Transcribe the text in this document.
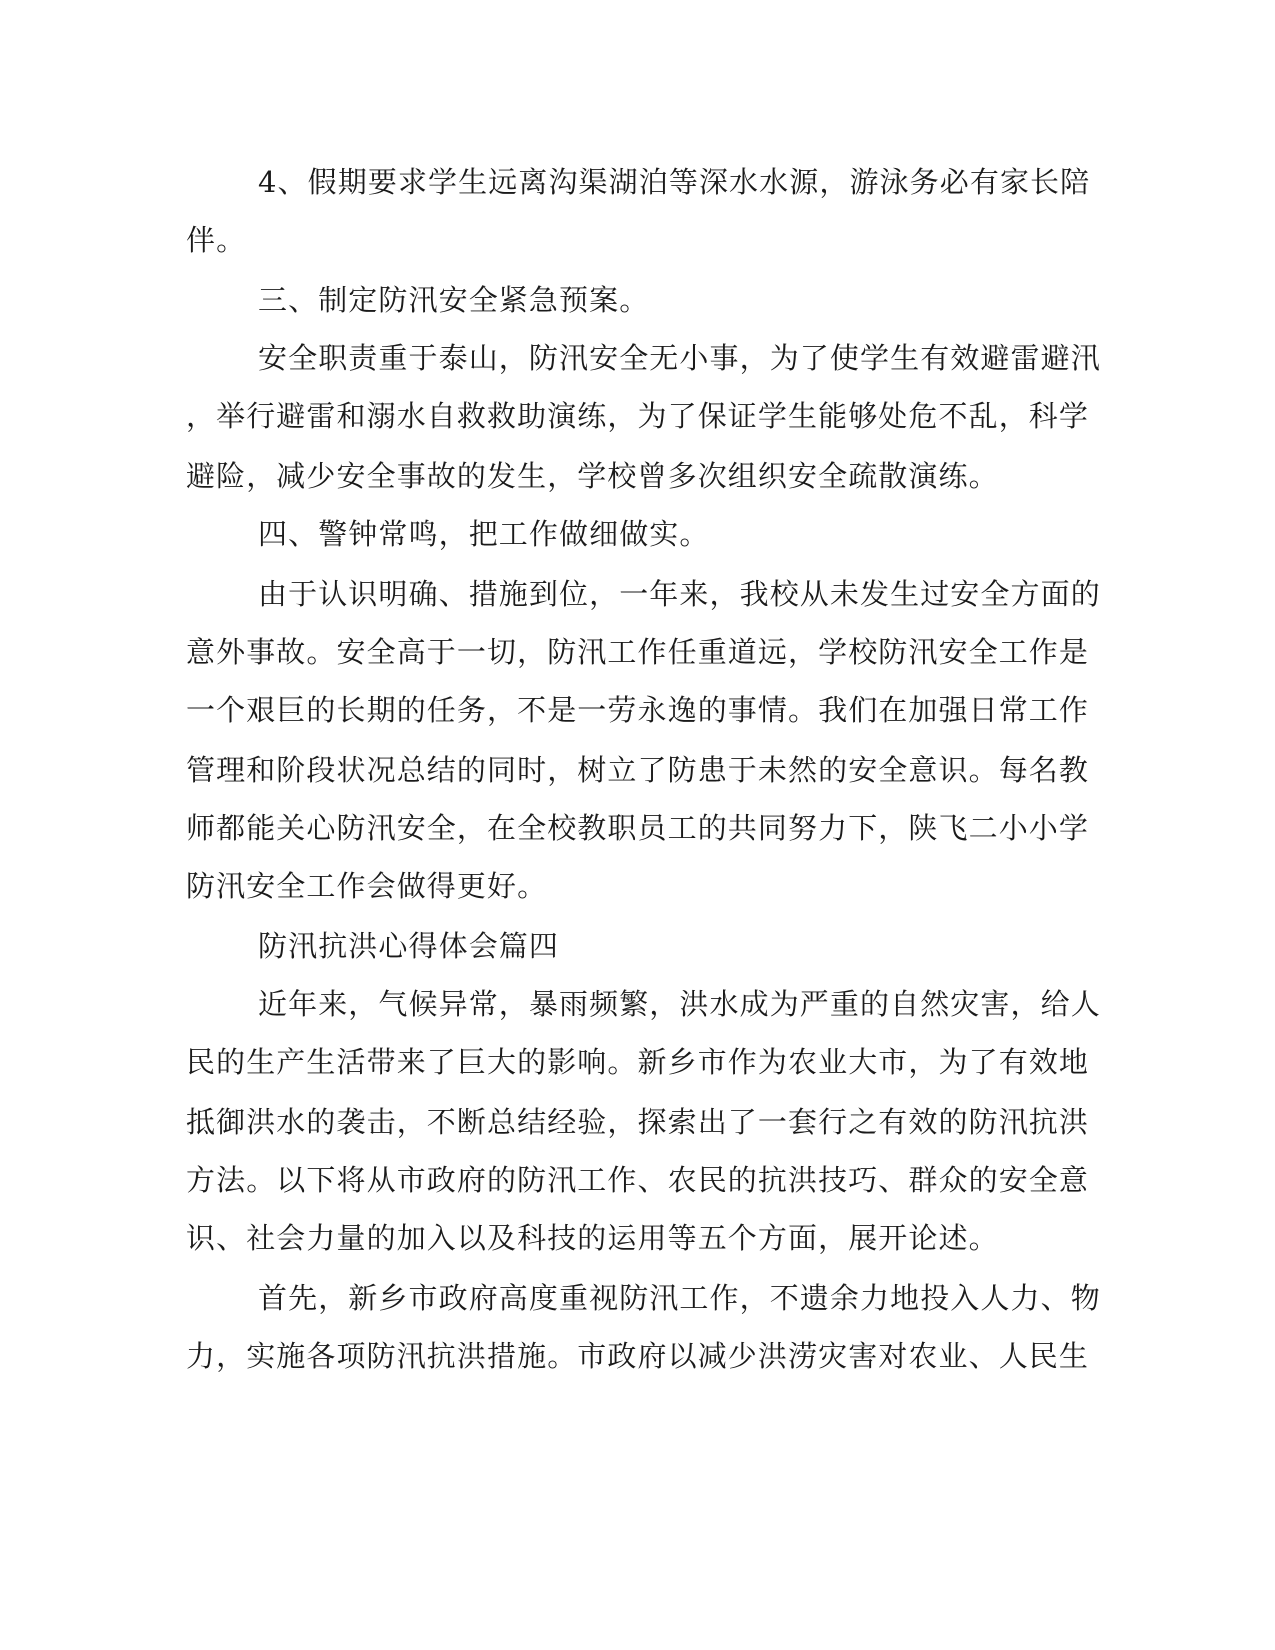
4、假期要求学生远离沟渠湖泊等深水水源，游泳务必有家长陪
伴。
三、制定防汛安全紧急预案。
安全职责重于泰山，防汛安全无小事，为了使学生有效避雷避汛
，举行避雷和溺水自救救助演练，为了保证学生能够处危不乱，科学
避险，减少安全事故的发生，学校曾多次组织安全疏散演练。
四、警钟常鸣，把工作做细做实。
由于认识明确、措施到位，一年来，我校从未发生过安全方面的
意外事故。安全高于一切，防汛工作任重道远，学校防汛安全工作是
一个艰巨的长期的任务，不是一劳永逸的事情。我们在加强日常工作
管理和阶段状况总结的同时，树立了防患于未然的安全意识。每名教
师都能关心防汛安全，在全校教职员工的共同努力下，陕飞二小小学
防汛安全工作会做得更好。
防汛抗洪心得体会篇四
近年来，气候异常，暴雨频繁，洪水成为严重的自然灾害，给人
民的生产生活带来了巨大的影响。新乡市作为农业大市，为了有效地
抵御洪水的袭击，不断总结经验，探索出了一套行之有效的防汛抗洪
方法。以下将从市政府的防汛工作、农民的抗洪技巧、群众的安全意
识、社会力量的加入以及科技的运用等五个方面，展开论述。
首先，新乡市政府高度重视防汛工作，不遗余力地投入人力、物
力，实施各项防汛抗洪措施。市政府以减少洪涝灾害对农业、人民生
